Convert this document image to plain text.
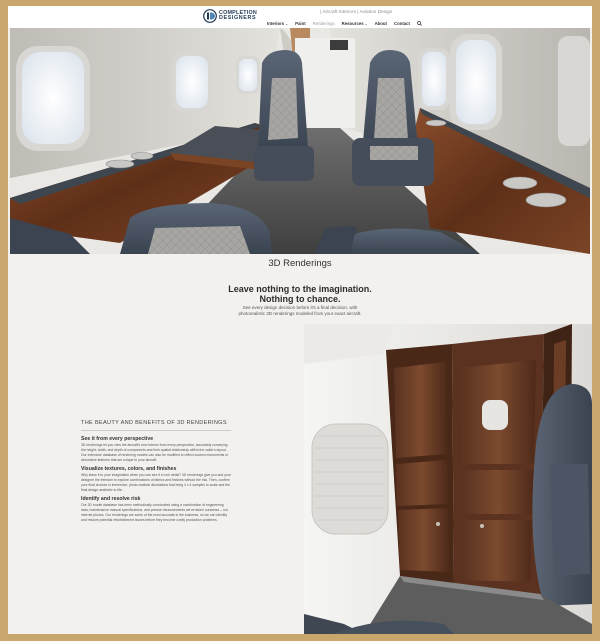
COMPLETION
DESIGNERS
| Aircraft Interiors | Aviation Design
Interiors⌄ Paint Renderings Resources⌄ About Contact
3D Renderings
Leave nothing to the imagination.
Nothing to chance.
See every design decision before it's a final decision, with
photorealistic 3D renderings modeled from your exact aircraft.
THE BEAUTY AND BENEFITS OF 3D RENDERINGS
See it from every perspective
3D renderings let you view the aircraft's new interior from every perspective, accurately conveying the height, width, and depth of components and their spatial relationship within the cabin's layout. Our extensive database of rendering models can also be modified to reflect custom monuments or decorative features that are unique to your aircraft.
Visualize textures, colors, and finishes
Why leave it to your imagination when you can see it in rich detail? 3D renderings give you and your designer the freedom to explore combinations of fabrics and finishes without the risk. Then, confirm your final choices in immersive, photo-realistic illustrations that bring 4 x 4 samples to scale and the final design aesthetic to life.
Identify and resolve risk
Our 3D model database has been methodically constructed using a combination of engineering data, maintenance manual specifications, and precise measurements we've taken ourselves – not internet photos. Our renderings are some of the most accurate in the business, so we can identify and resolve potential refurbishment issues before they become costly production problems.
